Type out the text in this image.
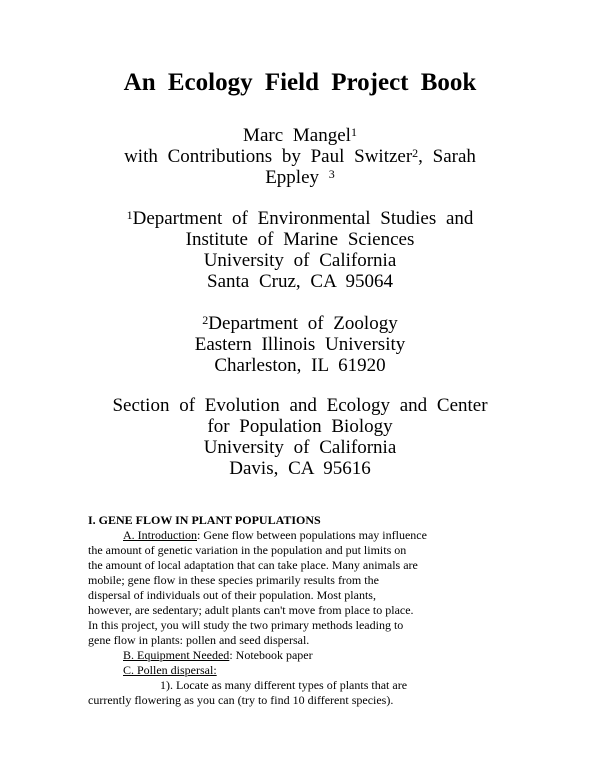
An Ecology Field Project Book
Marc Mangel$^1$
with Contributions by Paul Switzer$^2$, Sarah
Eppley $^3$
$^1$Department of Environmental Studies and
Institute of Marine Sciences
University of California
Santa Cruz, CA 95064
$^2$Department of Zoology
Eastern Illinois University
Charleston, IL 61920
Section of Evolution and Ecology and Center
for Population Biology
University of California
Davis, CA 95616
I. GENE FLOW IN PLANT POPULATIONS
A. Introduction: Gene flow between populations may influence
the amount of genetic variation in the population and put limits on
the amount of local adaptation that can take place. Many animals are
mobile; gene flow in these species primarily results from the
dispersal of individuals out of their population. Most plants,
however, are sedentary; adult plants can't move from place to place.
In this project, you will study the two primary methods leading to
gene flow in plants: pollen and seed dispersal.
B. Equipment Needed: Notebook paper
C. Pollen dispersal:
1). Locate as many different types of plants that are
currently flowering as you can (try to find 10 different species).
